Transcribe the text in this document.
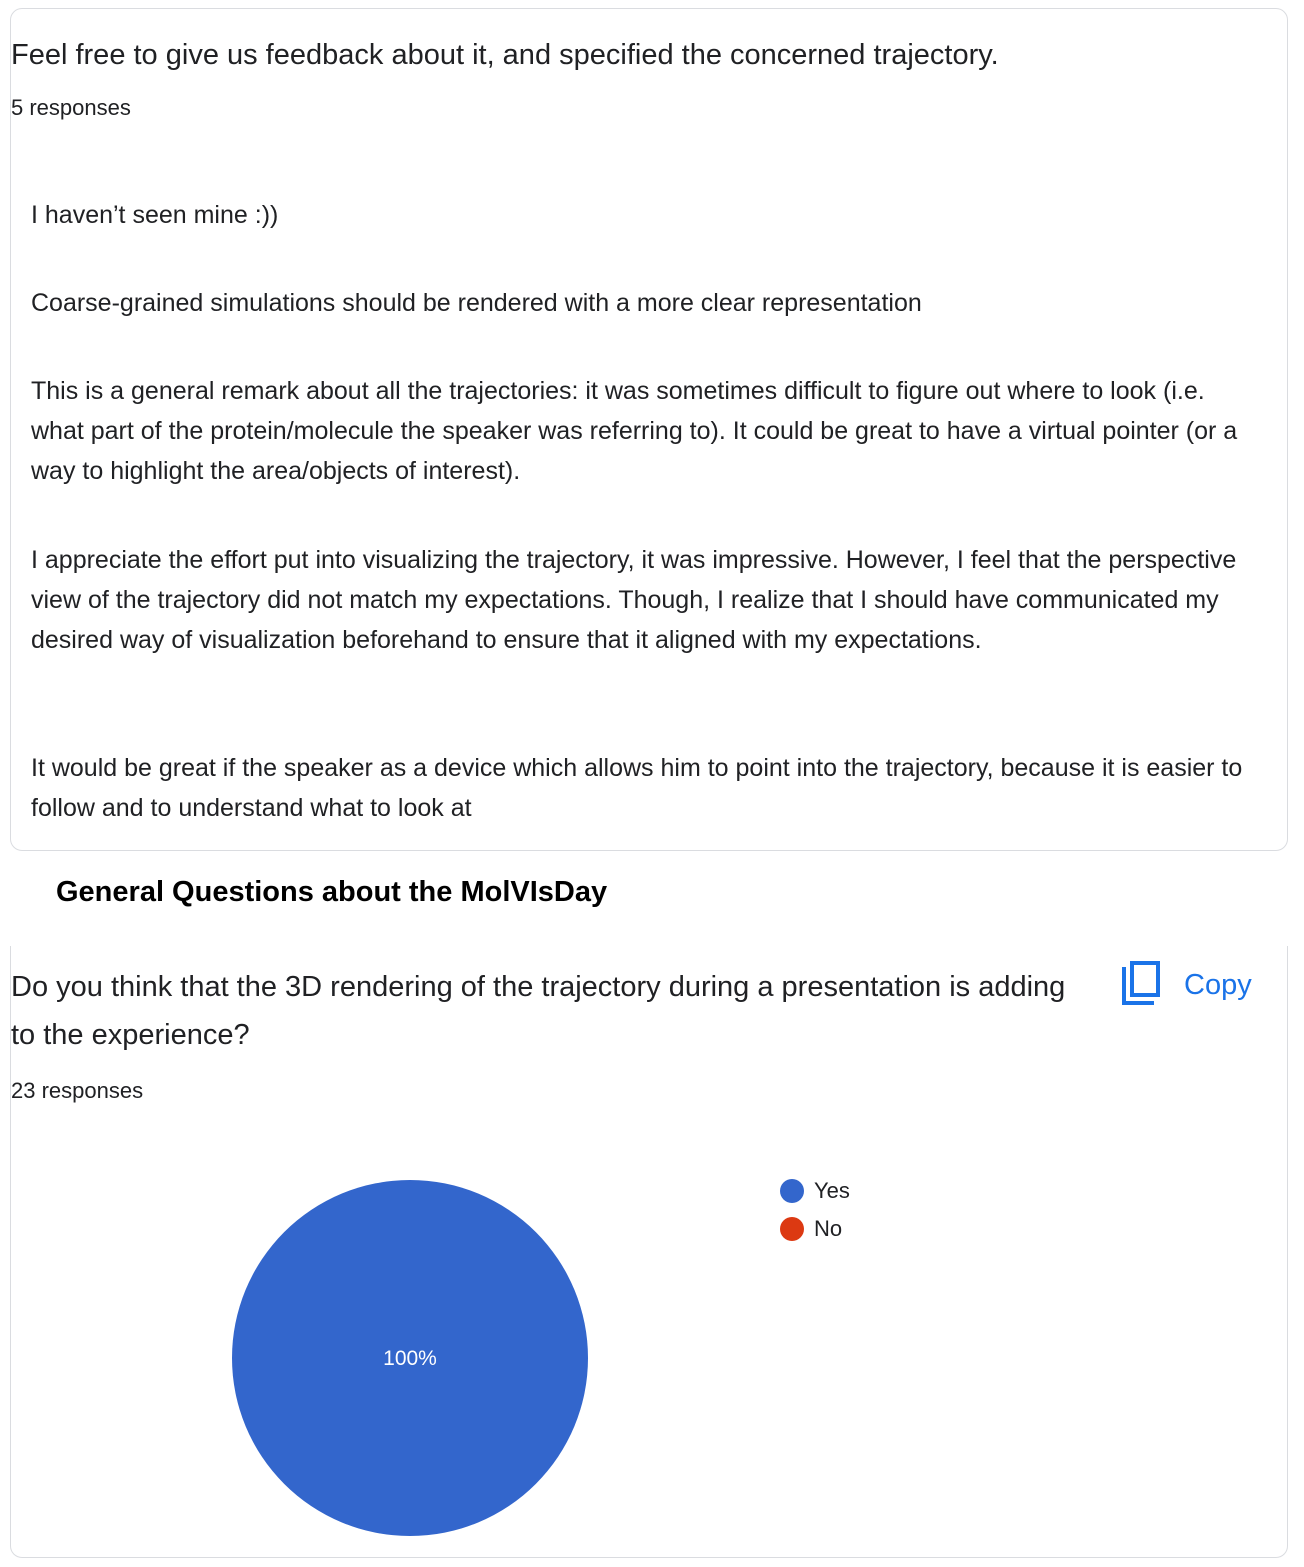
Feel free to give us feedback about it, and specified the concerned trajectory.
5 responses
I haven’t seen mine :))
Coarse-grained simulations should be rendered with a more clear representation
This is a general remark about all the trajectories: it was sometimes difficult to figure out where to look (i.e. what part of the protein/molecule the speaker was referring to). It could be great to have a virtual pointer (or a way to highlight the area/objects of interest).
I appreciate the effort put into visualizing the trajectory, it was impressive. However, I feel that the perspective view of the trajectory did not match my expectations. Though, I realize that I should have communicated my desired way of visualization beforehand to ensure that it aligned with my expectations.
It would be great if the speaker as a device which allows him to point into the trajectory, because it is easier to follow and to understand what to look at
General Questions about the MolVIsDay
Do you think that the 3D rendering of the trajectory during a presentation is adding to the experience?
23 responses
Copy
100%
Yes
No
